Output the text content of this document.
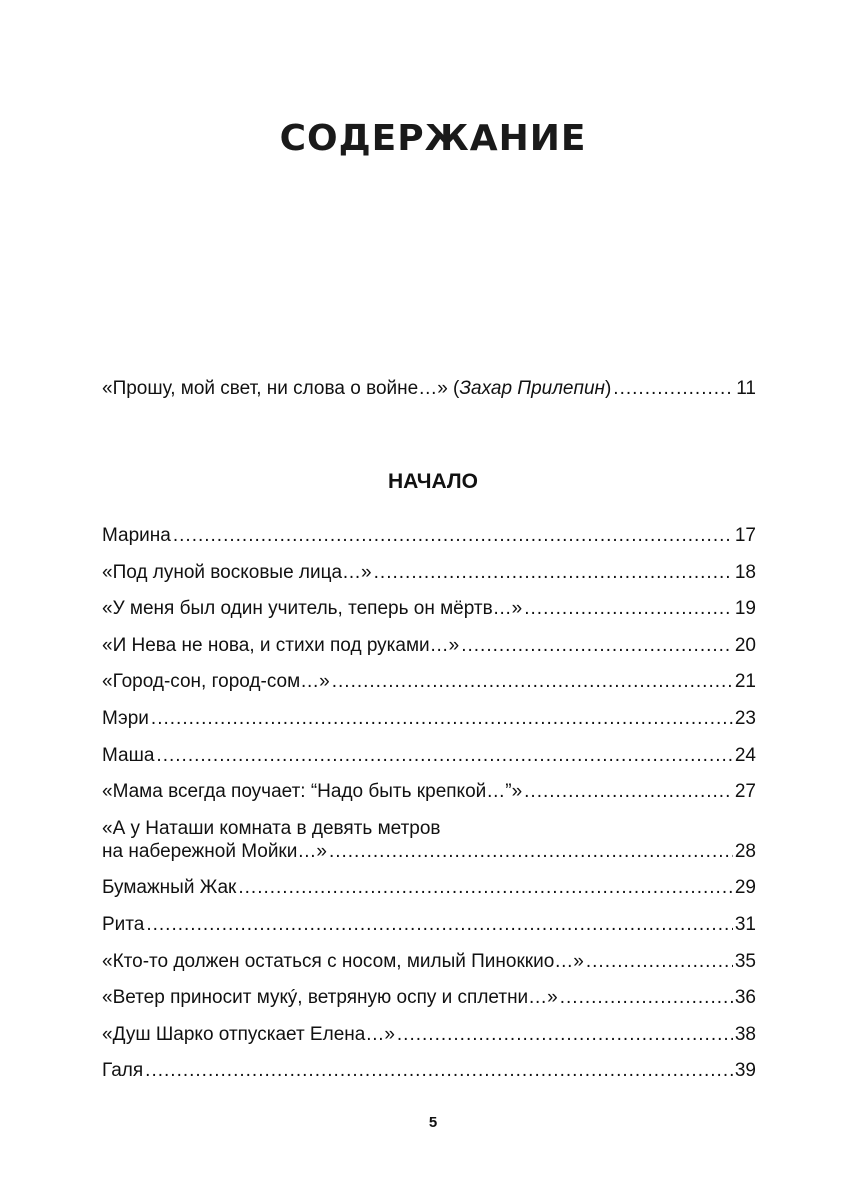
СОДЕРЖАНИЕ
«Прошу, мой свет, ни слова о войне…» (Захар Прилепин) .....	11
НАЧАЛО
Марина .....	17
«Под луной восковые лица…» .....	18
«У меня был один учитель, теперь он мёртв…» .....	19
«И Нева не нова, и стихи под руками…» .....	20
«Город-сон, город-сом…» .....	21
Мэри .....	23
Маша .....	24
«Мама всегда поучает: “Надо быть крепкой…”» .....	27
«А у Наташи комната в девять метров
на набережной Мойки…» .....	28
Бумажный Жак .....	29
Рита .....	31
«Кто-то должен остаться с носом, милый Пиноккио…» .....	35
«Ветер приносит мукý, ветряную оспу и сплетни…» .....	36
«Душ Шарко отпускает Елена…» .....	38
Галя .....	39
5
